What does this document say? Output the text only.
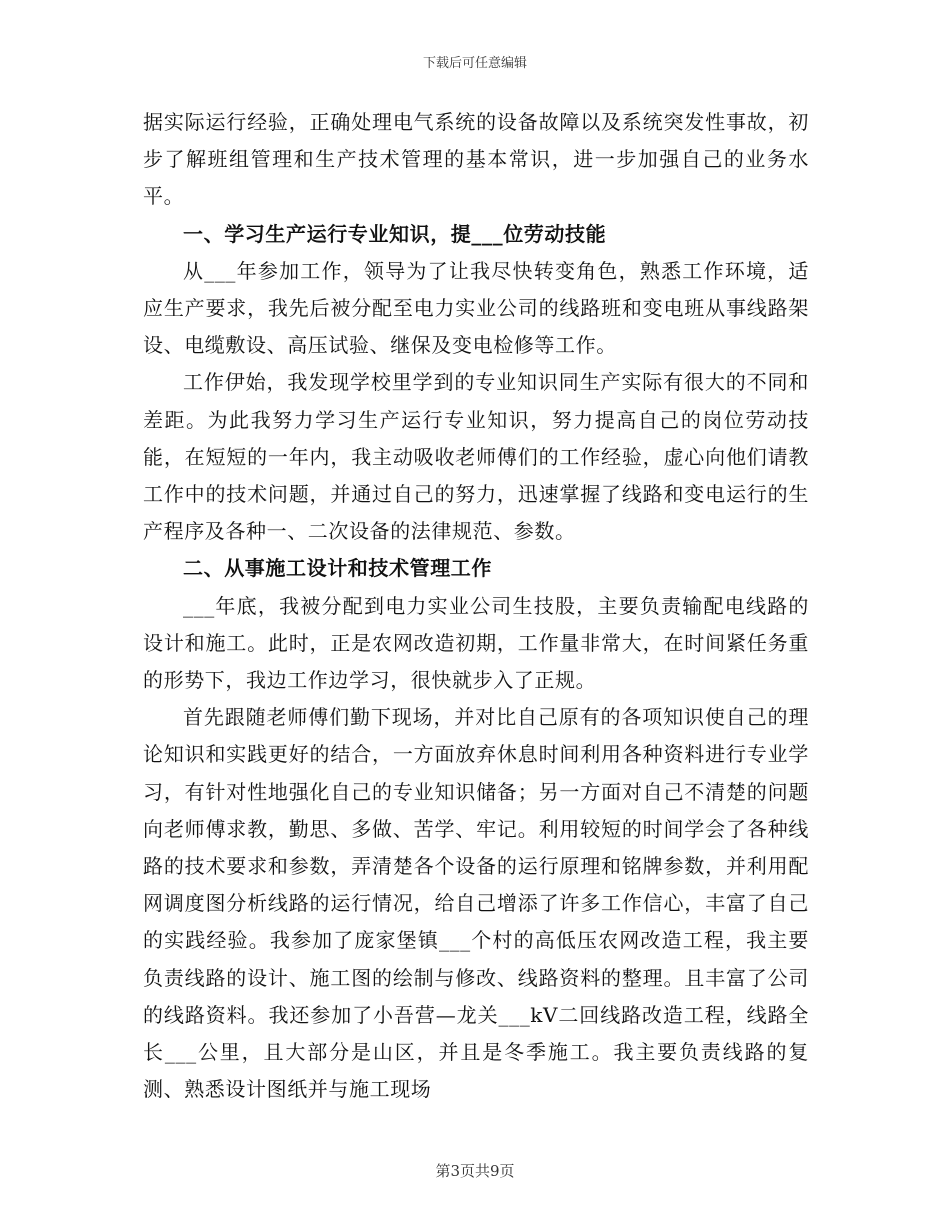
下载后可任意编辑

据实际运行经验，正确处理电气系统的设备故障以及系统突发性事故，初步了解班组管理和生产技术管理的基本常识，进一步加强自己的业务水平。

一、学习生产运行专业知识，提___位劳动技能

从___年参加工作，领导为了让我尽快转变角色，熟悉工作环境，适应生产要求，我先后被分配至电力实业公司的线路班和变电班从事线路架设、电缆敷设、高压试验、继保及变电检修等工作。

工作伊始，我发现学校里学到的专业知识同生产实际有很大的不同和差距。为此我努力学习生产运行专业知识，努力提高自己的岗位劳动技能，在短短的一年内，我主动吸收老师傅们的工作经验，虚心向他们请教工作中的技术问题，并通过自己的努力，迅速掌握了线路和变电运行的生产程序及各种一、二次设备的法律规范、参数。

二、从事施工设计和技术管理工作

___年底，我被分配到电力实业公司生技股，主要负责输配电线路的设计和施工。此时，正是农网改造初期，工作量非常大，在时间紧任务重的形势下，我边工作边学习，很快就步入了正规。

首先跟随老师傅们勤下现场，并对比自己原有的各项知识使自己的理论知识和实践更好的结合，一方面放弃休息时间利用各种资料进行专业学习，有针对性地强化自己的专业知识储备；另一方面对自己不清楚的问题向老师傅求教，勤思、多做、苦学、牢记。利用较短的时间学会了各种线路的技术要求和参数，弄清楚各个设备的运行原理和铭牌参数，并利用配网调度图分析线路的运行情况，给自己增添了许多工作信心，丰富了自己的实践经验。我参加了庞家堡镇___个村的高低压农网改造工程，我主要负责线路的设计、施工图的绘制与修改、线路资料的整理。且丰富了公司的线路资料。我还参加了小吾营—龙关___kV二回线路改造工程，线路全长___公里，且大部分是山区，并且是冬季施工。我主要负责线路的复测、熟悉设计图纸并与施工现场

第3页共9页
